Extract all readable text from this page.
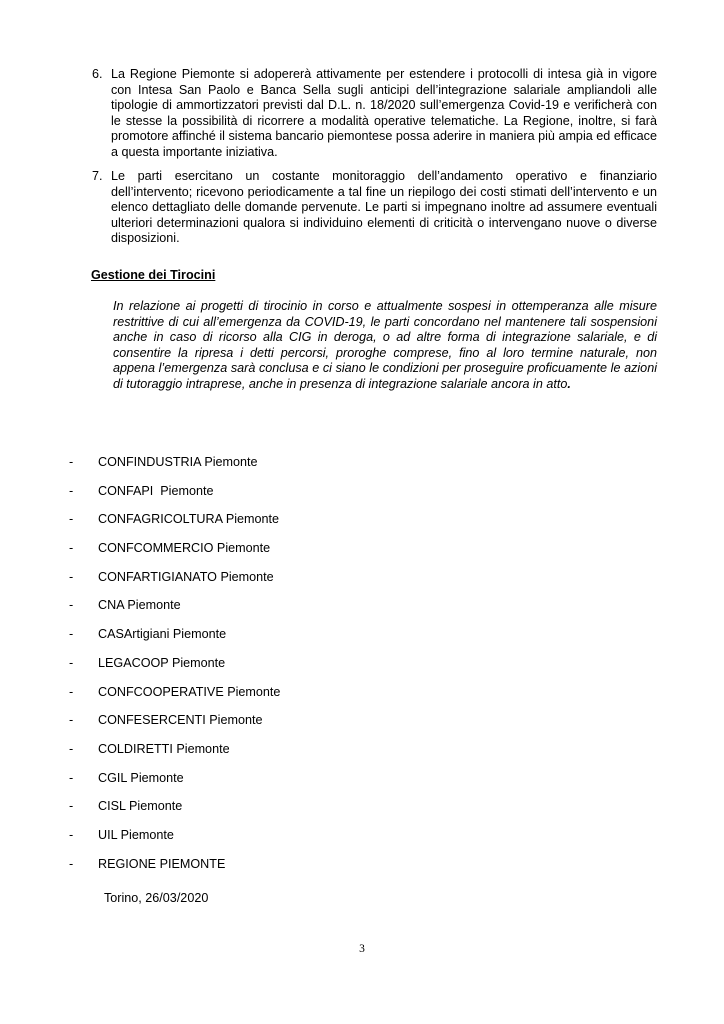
6. La Regione Piemonte si adopererà attivamente per estendere i protocolli di intesa già in vigore con Intesa San Paolo e Banca Sella sugli anticipi dell’integrazione salariale ampliandoli alle tipologie di ammortizzatori previsti dal D.L. n. 18/2020 sull’emergenza Covid-19 e verificherà con le stesse la possibilità di ricorrere a modalità operative telematiche. La Regione, inoltre, si farà promotore affinché il sistema bancario piemontese possa aderire in maniera più ampia ed efficace a questa importante iniziativa.
7. Le parti esercitano un costante monitoraggio dell’andamento operativo e finanziario dell’intervento; ricevono periodicamente a tal fine un riepilogo dei costi stimati dell’intervento e un elenco dettagliato delle domande pervenute. Le parti si impegnano inoltre ad assumere eventuali ulteriori determinazioni qualora si individuino elementi di criticità o intervengano nuove o diverse disposizioni.
Gestione dei Tirocini
In relazione ai progetti di tirocinio in corso e attualmente sospesi in ottemperanza alle misure restrittive di cui all’emergenza da COVID-19, le parti concordano nel mantenere tali sospensioni anche in caso di ricorso alla CIG in deroga, o ad altre forma di integrazione salariale, e di consentire la ripresa i detti percorsi, proroghe comprese, fino al loro termine naturale, non appena l’emergenza sarà conclusa e ci siano le condizioni per proseguire proficuamente le azioni di tutoraggio intraprese, anche in presenza di integrazione salariale ancora in atto.
- CONFINDUSTRIA Piemonte
- CONFAPI  Piemonte
- CONFAGRICOLTURA Piemonte
- CONFCOMMERCIO Piemonte
- CONFARTIGIANATO Piemonte
- CNA Piemonte
- CASArtigiani Piemonte
- LEGACOOP Piemonte
- CONFCOOPERATIVE Piemonte
- CONFESERCENTI Piemonte
- COLDIRETTI Piemonte
- CGIL Piemonte
- CISL Piemonte
- UIL Piemonte
- REGIONE PIEMONTE
Torino, 26/03/2020
3
